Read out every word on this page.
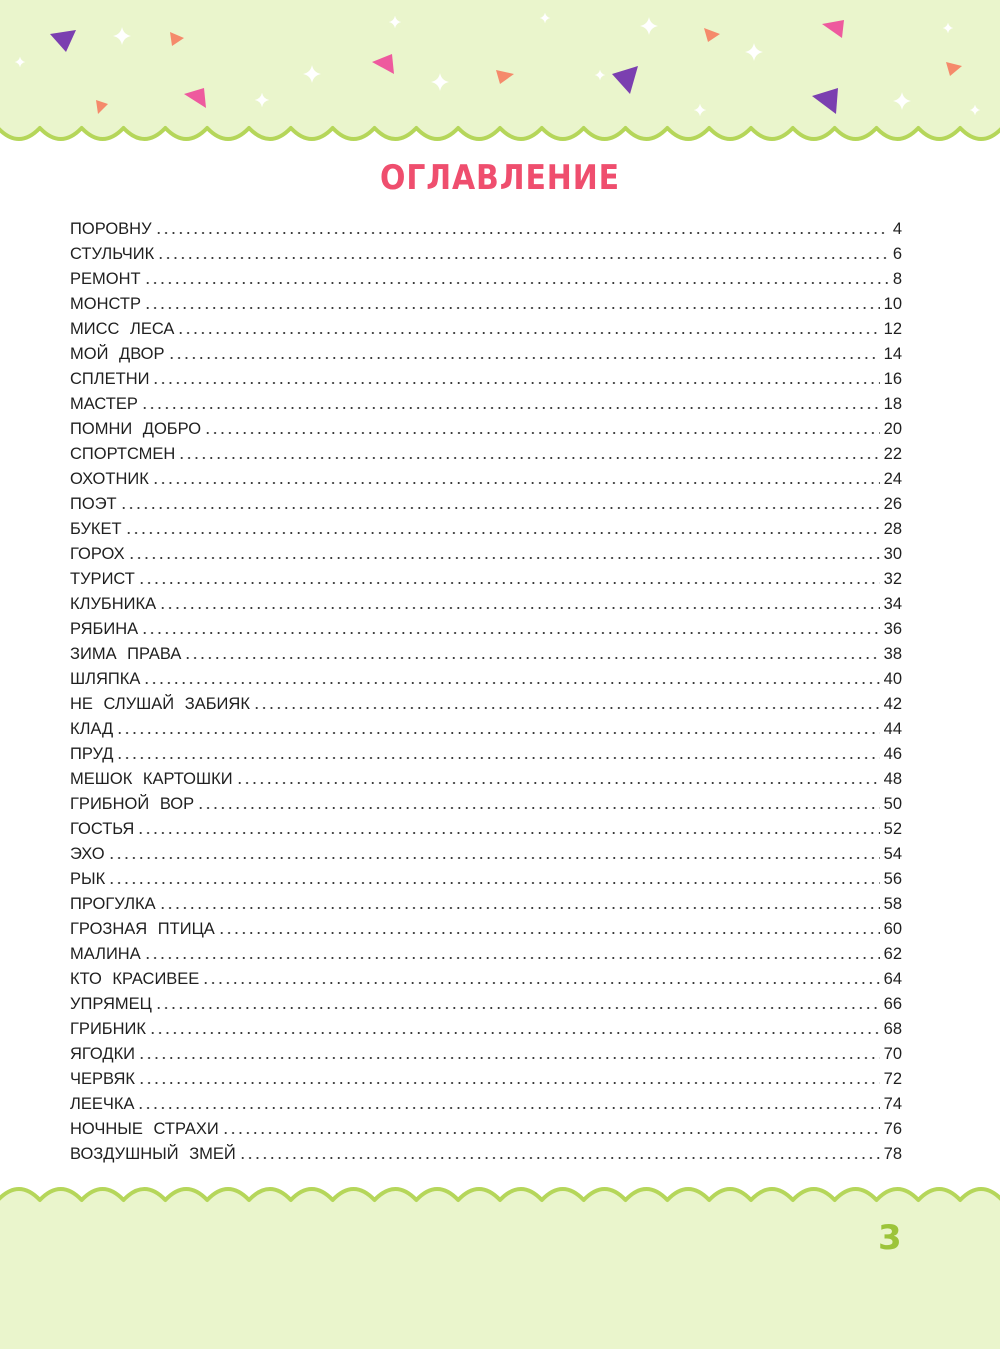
ОГЛАВЛЕНИЕ
ПОРОВНУ	4
СТУЛЬЧИК	6
РЕМОНТ	8
МОНСТР	10
МИСС ЛЕСА	12
МОЙ ДВОР	14
СПЛЕТНИ	16
МАСТЕР	18
ПОМНИ ДОБРО	20
СПОРТСМЕН	22
ОХОТНИК	24
ПОЭТ	26
БУКЕТ	28
ГОРОХ	30
ТУРИСТ	32
КЛУБНИКА	34
РЯБИНА	36
ЗИМА ПРАВА	38
ШЛЯПКА	40
НЕ СЛУШАЙ ЗАБИЯК	42
КЛАД	44
ПРУД	46
МЕШОК КАРТОШКИ	48
ГРИБНОЙ ВОР	50
ГОСТЬЯ	52
ЭХО	54
РЫК	56
ПРОГУЛКА	58
ГРОЗНАЯ ПТИЦА	60
МАЛИНА	62
КТО КРАСИВЕЕ	64
УПРЯМЕЦ	66
ГРИБНИК	68
ЯГОДКИ	70
ЧЕРВЯК	72
ЛЕЕЧКА	74
НОЧНЫЕ СТРАХИ	76
ВОЗДУШНЫЙ ЗМЕЙ	78
3
